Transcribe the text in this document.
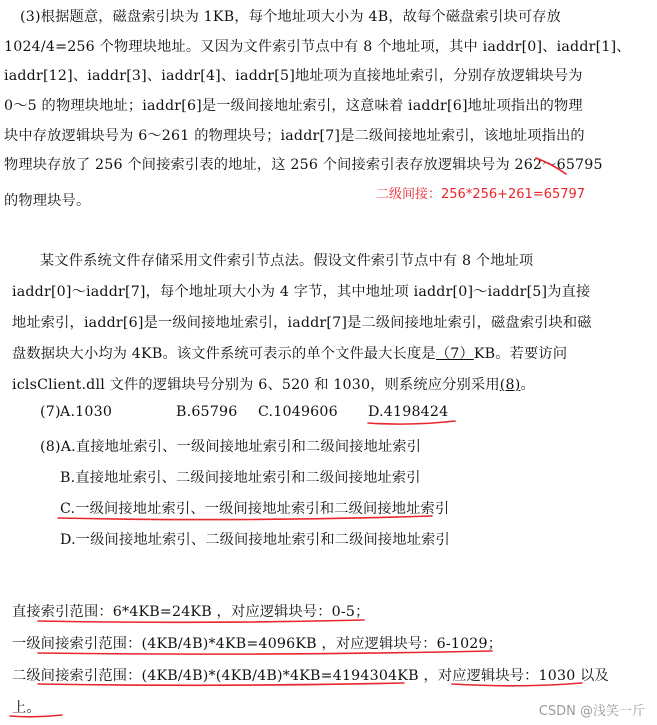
(3)根据题意，磁盘索引块为 1KB，每个地址项大小为 4B，故每个磁盘索引块可存放
1024/4=256 个物理块地址。又因为文件索引节点中有 8 个地址项，其中 iaddr[0]、iaddr[1]、
iaddr[12]、iaddr[3]、iaddr[4]、iaddr[5]地址项为直接地址索引，分别存放逻辑块号为
0～5 的物理块地址；iaddr[6]是一级间接地址索引，这意味着 iaddr[6]地址项指出的物理
块中存放逻辑块号为 6～261 的物理块号；iaddr[7]是二级间接地址索引，该地址项指出的
物理块存放了 256 个间接索引表的地址，这 256 个间接索引表存放逻辑块号为 262～65795
的物理块号。	二级间接：256*256+261=65797
某文件系统文件存储采用文件索引节点法。假设文件索引节点中有 8 个地址项
iaddr[0]～iaddr[7]，每个地址项大小为 4 字节，其中地址项 iaddr[0]～iaddr[5]为直接
地址索引，iaddr[6]是一级间接地址索引，iaddr[7]是二级间接地址索引，磁盘索引块和磁
盘数据块大小均为 4KB。该文件系统可表示的单个文件最大长度是（7）KB。若要访问
iclsClient.dll 文件的逻辑块号分别为 6、520 和 1030，则系统应分别采用(8)。
(7) A.1030	B.65796 C.1049606 D.4198424
(8)A.直接地址索引、一级间接地址索引和二级间接地址索引
B.直接地址索引、二级间接地址索引和二级间接地址索引
C.一级间接地址索引、一级间接地址索引和二级间接地址索引
D.一级间接地址索引、二级间接地址索引和二级间接地址索引
直接索引范围：6*4KB=24KB ，对应逻辑块号：0-5；
一级间接索引范围：(4KB/4B)*4KB=4096KB ，对应逻辑块号：6-1029；
二级间接索引范围：(4KB/4B)*(4KB/4B)*4KB=4194304KB ，对应逻辑块号：1030 以及
上。	CSDN @浅笑一斤
